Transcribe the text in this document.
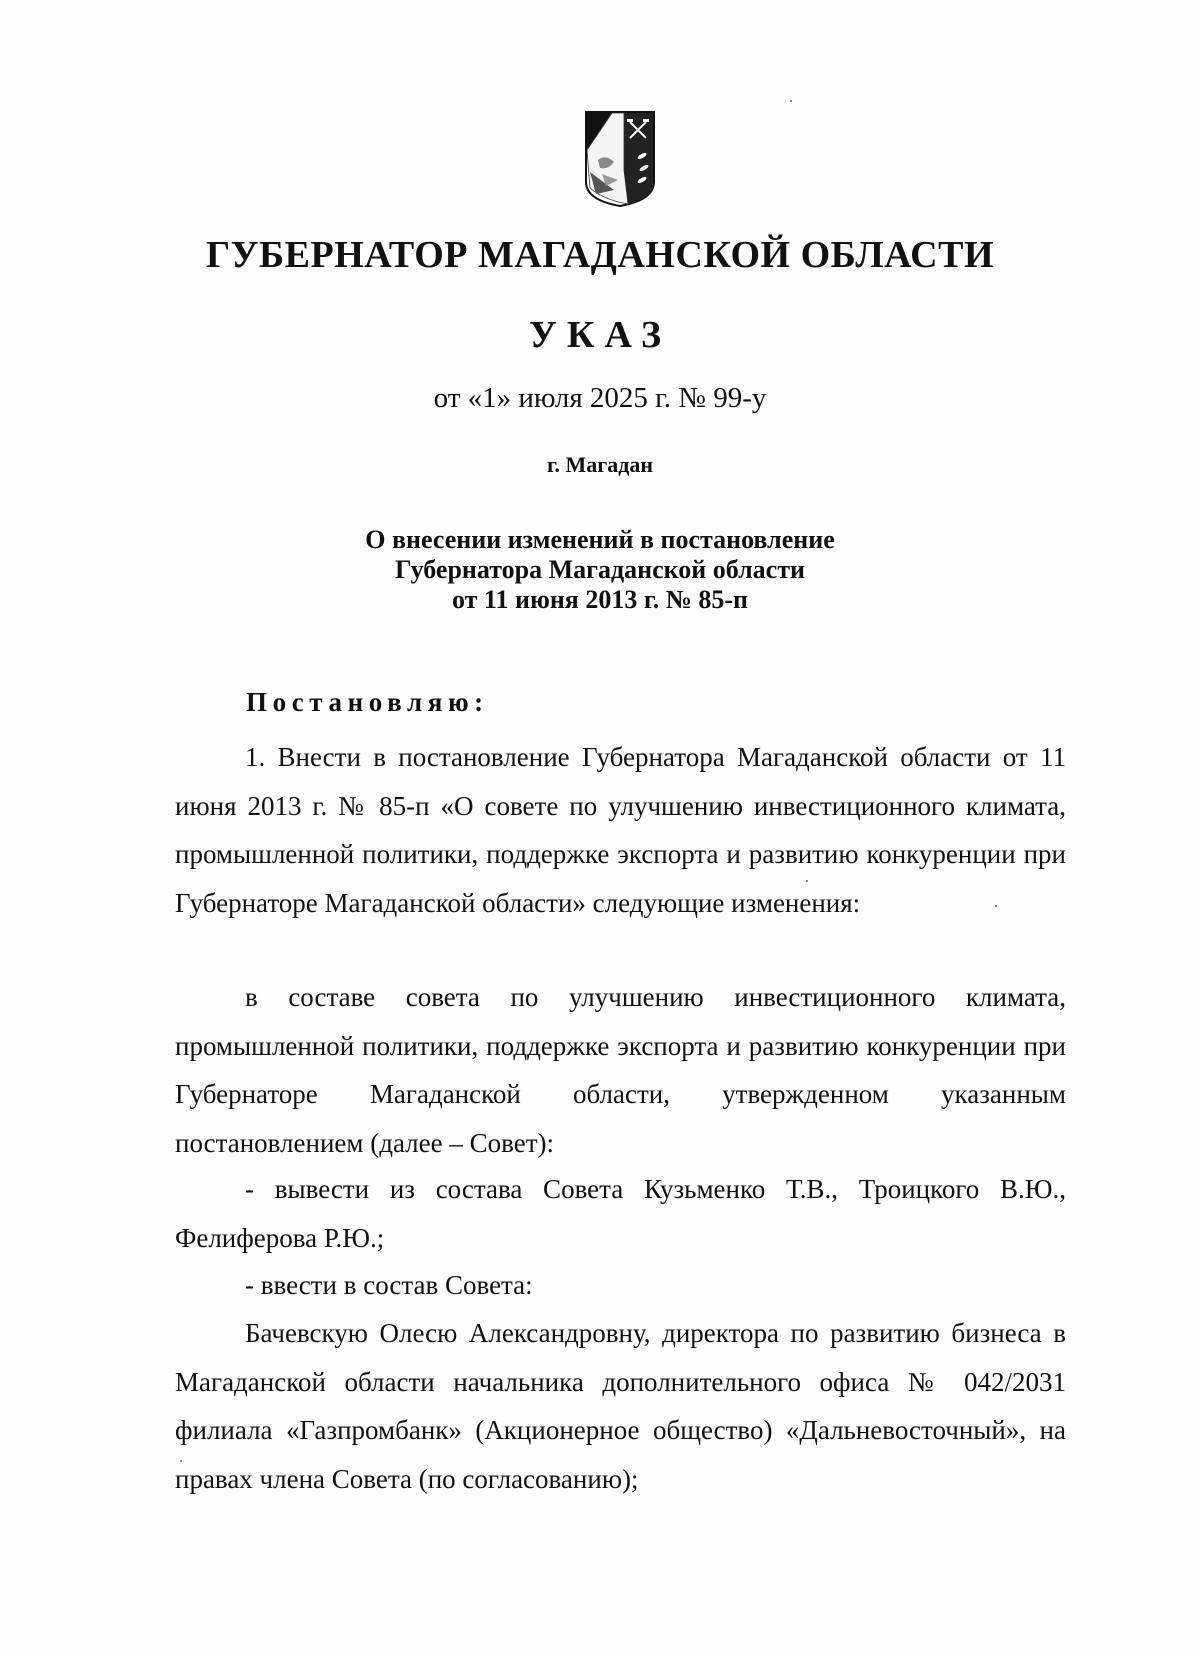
ГУБЕРНАТОР МАГАДАНСКОЙ ОБЛАСТИ
УКАЗ
от «1» июля 2025 г. № 99-у
г. Магадан
О внесении изменений в постановление
Губернатора Магаданской области
от 11 июня 2013 г. № 85-п
Постановляю:
1. Внести в постановление Губернатора Магаданской области от 11 июня 2013 г. № 85-п «О совете по улучшению инвестиционного климата, промышленной политики, поддержке экспорта и развитию конкуренции при Губернаторе Магаданской области» следующие изменения:
в составе совета по улучшению инвестиционного климата, промышленной политики, поддержке экспорта и развитию конкуренции при Губернаторе Магаданской области, утвержденном указанным постановлением (далее – Совет):
- вывести из состава Совета Кузьменко Т.В., Троицкого В.Ю., Фелиферова Р.Ю.;
- ввести в состав Совета:
Бачевскую Олесю Александровну, директора по развитию бизнеса в Магаданской области начальника дополнительного офиса № 042/2031 филиала «Газпромбанк» (Акционерное общество) «Дальневосточный», на правах члена Совета (по согласованию);
